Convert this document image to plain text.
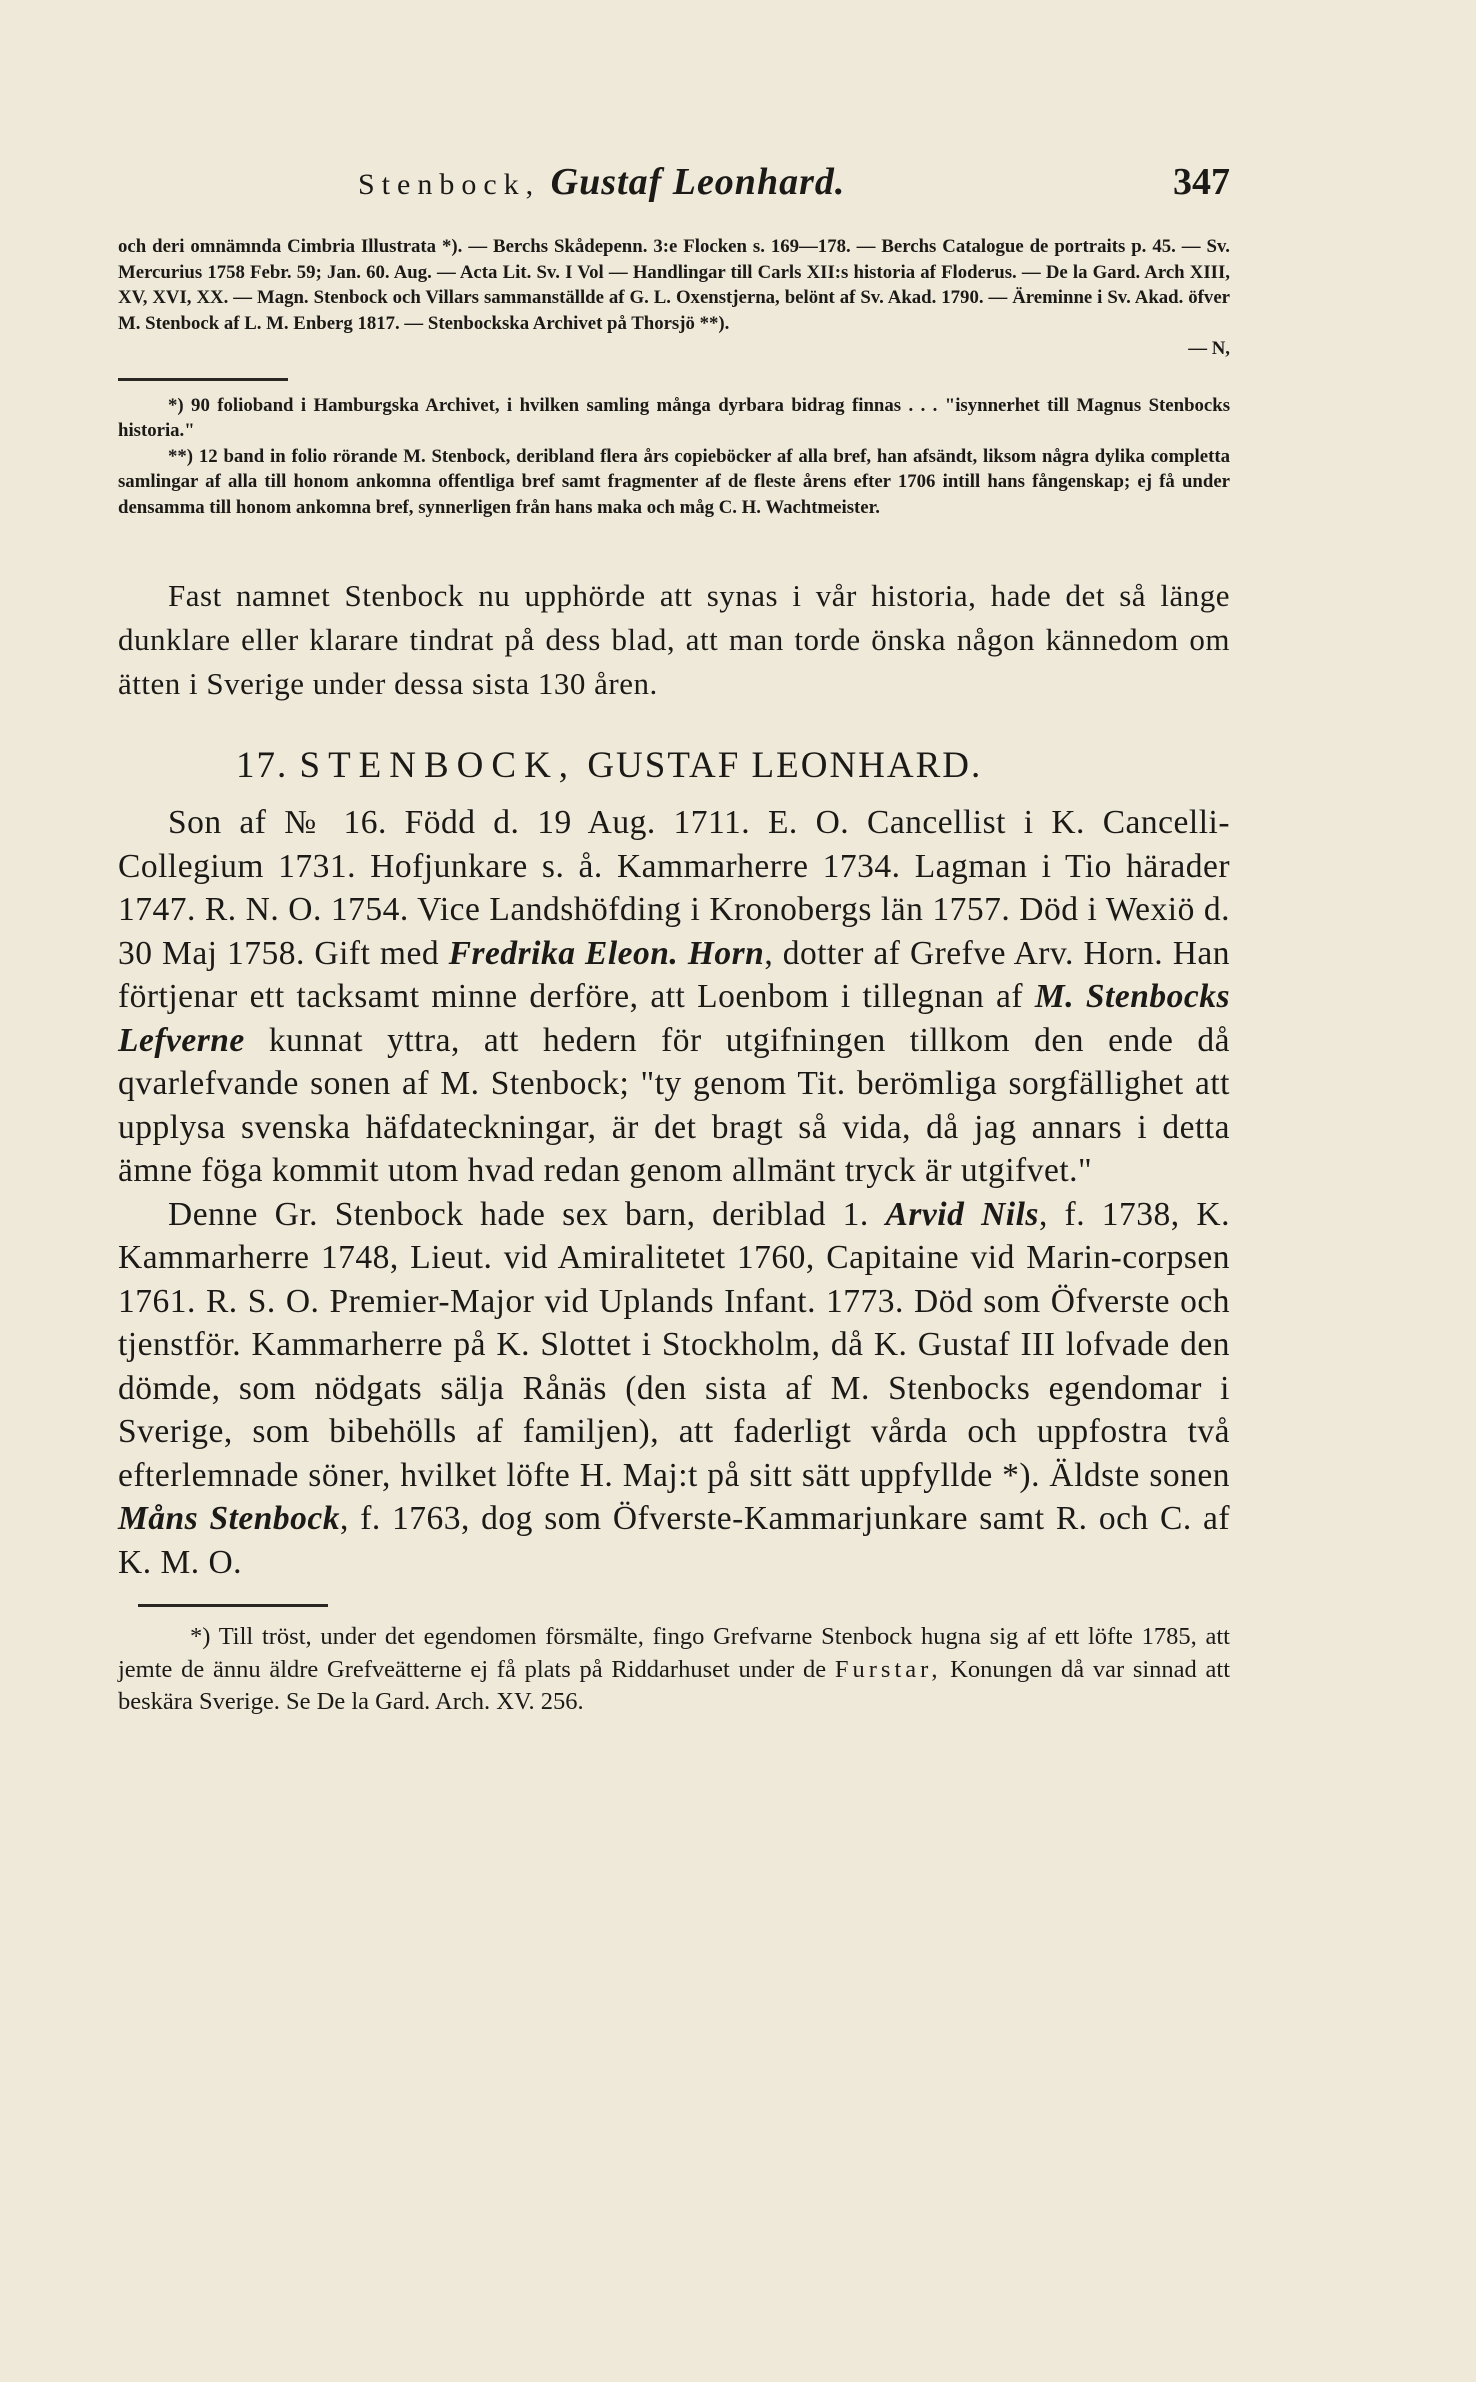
Stenbock, Gustaf Leonhard.	347

och deri omnämnda Cimbria Illustrata *). — Berchs Skådepenn. 3:e Flocken s. 169—178. — Berchs Catalogue de portraits p. 45. — Sv. Mercurius 1758 Febr. 59; Jan. 60. Aug. — Acta Lit. Sv. I Vol — Handlingar till Carls XII:s historia af Floderus. — De la Gard. Arch XIII, XV, XVI, XX. — Magn. Stenbock och Villars sammanställde af G. L. Oxenstjerna, belönt af Sv. Akad. 1790. — Äreminne i Sv. Akad. öfver M. Stenbock af L. M. Enberg 1817. — Stenbockska Archivet på Thorsjö **).

— N,

*) 90 folioband i Hamburgska Archivet, i hvilken samling många dyrbara bidrag finnas . . . "isynnerhet till Magnus Stenbocks historia."

**) 12 band in folio rörande M. Stenbock, deribland flera års copieböcker af alla bref, han afsändt, liksom några dylika completta samlingar af alla till honom ankomna offentliga bref samt fragmenter af de fleste årens efter 1706 intill hans fångenskap; ej få under densamma till honom ankomna bref, synnerligen från hans maka och måg C. H. Wachtmeister.

Fast namnet Stenbock nu upphörde att synas i vår historia, hade det så länge dunklare eller klarare tindrat på dess blad, att man torde önska någon kännedom om ätten i Sverige under dessa sista 130 åren.

17. STENBOCK, GUSTAF LEONHARD.

Son af № 16. Född d. 19 Aug. 1711. E. O. Cancellist i K. Cancelli-Collegium 1731. Hofjunkare s. å. Kammarherre 1734. Lagman i Tio härader 1747. R. N. O. 1754. Vice Landshöfding i Kronobergs län 1757. Död i Wexiö d. 30 Maj 1758. Gift med Fredrika Eleon. Horn, dotter af Grefve Arv. Horn. Han förtjenar ett tacksamt minne derföre, att Loenbom i tillegnan af M. Stenbocks Lefverne kunnat yttra, att hedern för utgifningen tillkom den ende då qvarlefvande sonen af M. Stenbock; "ty genom Tit. berömliga sorgfällighet att upplysa svenska häfdateckningar, är det bragt så vida, då jag annars i detta ämne föga kommit utom hvad redan genom allmänt tryck är utgifvet."

Denne Gr. Stenbock hade sex barn, deriblad 1. Arvid Nils, f. 1738, K. Kammarherre 1748, Lieut. vid Amiralitetet 1760, Capitaine vid Marin-corpsen 1761. R. S. O. Premier-Major vid Uplands Infant. 1773. Död som Öfverste och tjenstför. Kammarherre på K. Slottet i Stockholm, då K. Gustaf III lofvade den dömde, som nödgats sälja Rånäs (den sista af M. Stenbocks egendomar i Sverige, som bibehölls af familjen), att faderligt vårda och uppfostra två efterlemnade söner, hvilket löfte H. Maj:t på sitt sätt uppfyllde *). Äldste sonen Måns Stenbock, f. 1763, dog som Öfverste-Kammarjunkare samt R. och C. af K. M. O.

*) Till tröst, under det egendomen försmälte, fingo Grefvarne Stenbock hugna sig af ett löfte 1785, att jemte de ännu äldre Grefveätterne ej få plats på Riddarhuset under de Furstar, Konungen då var sinnad att beskära Sverige. Se De la Gard. Arch. XV. 256.
